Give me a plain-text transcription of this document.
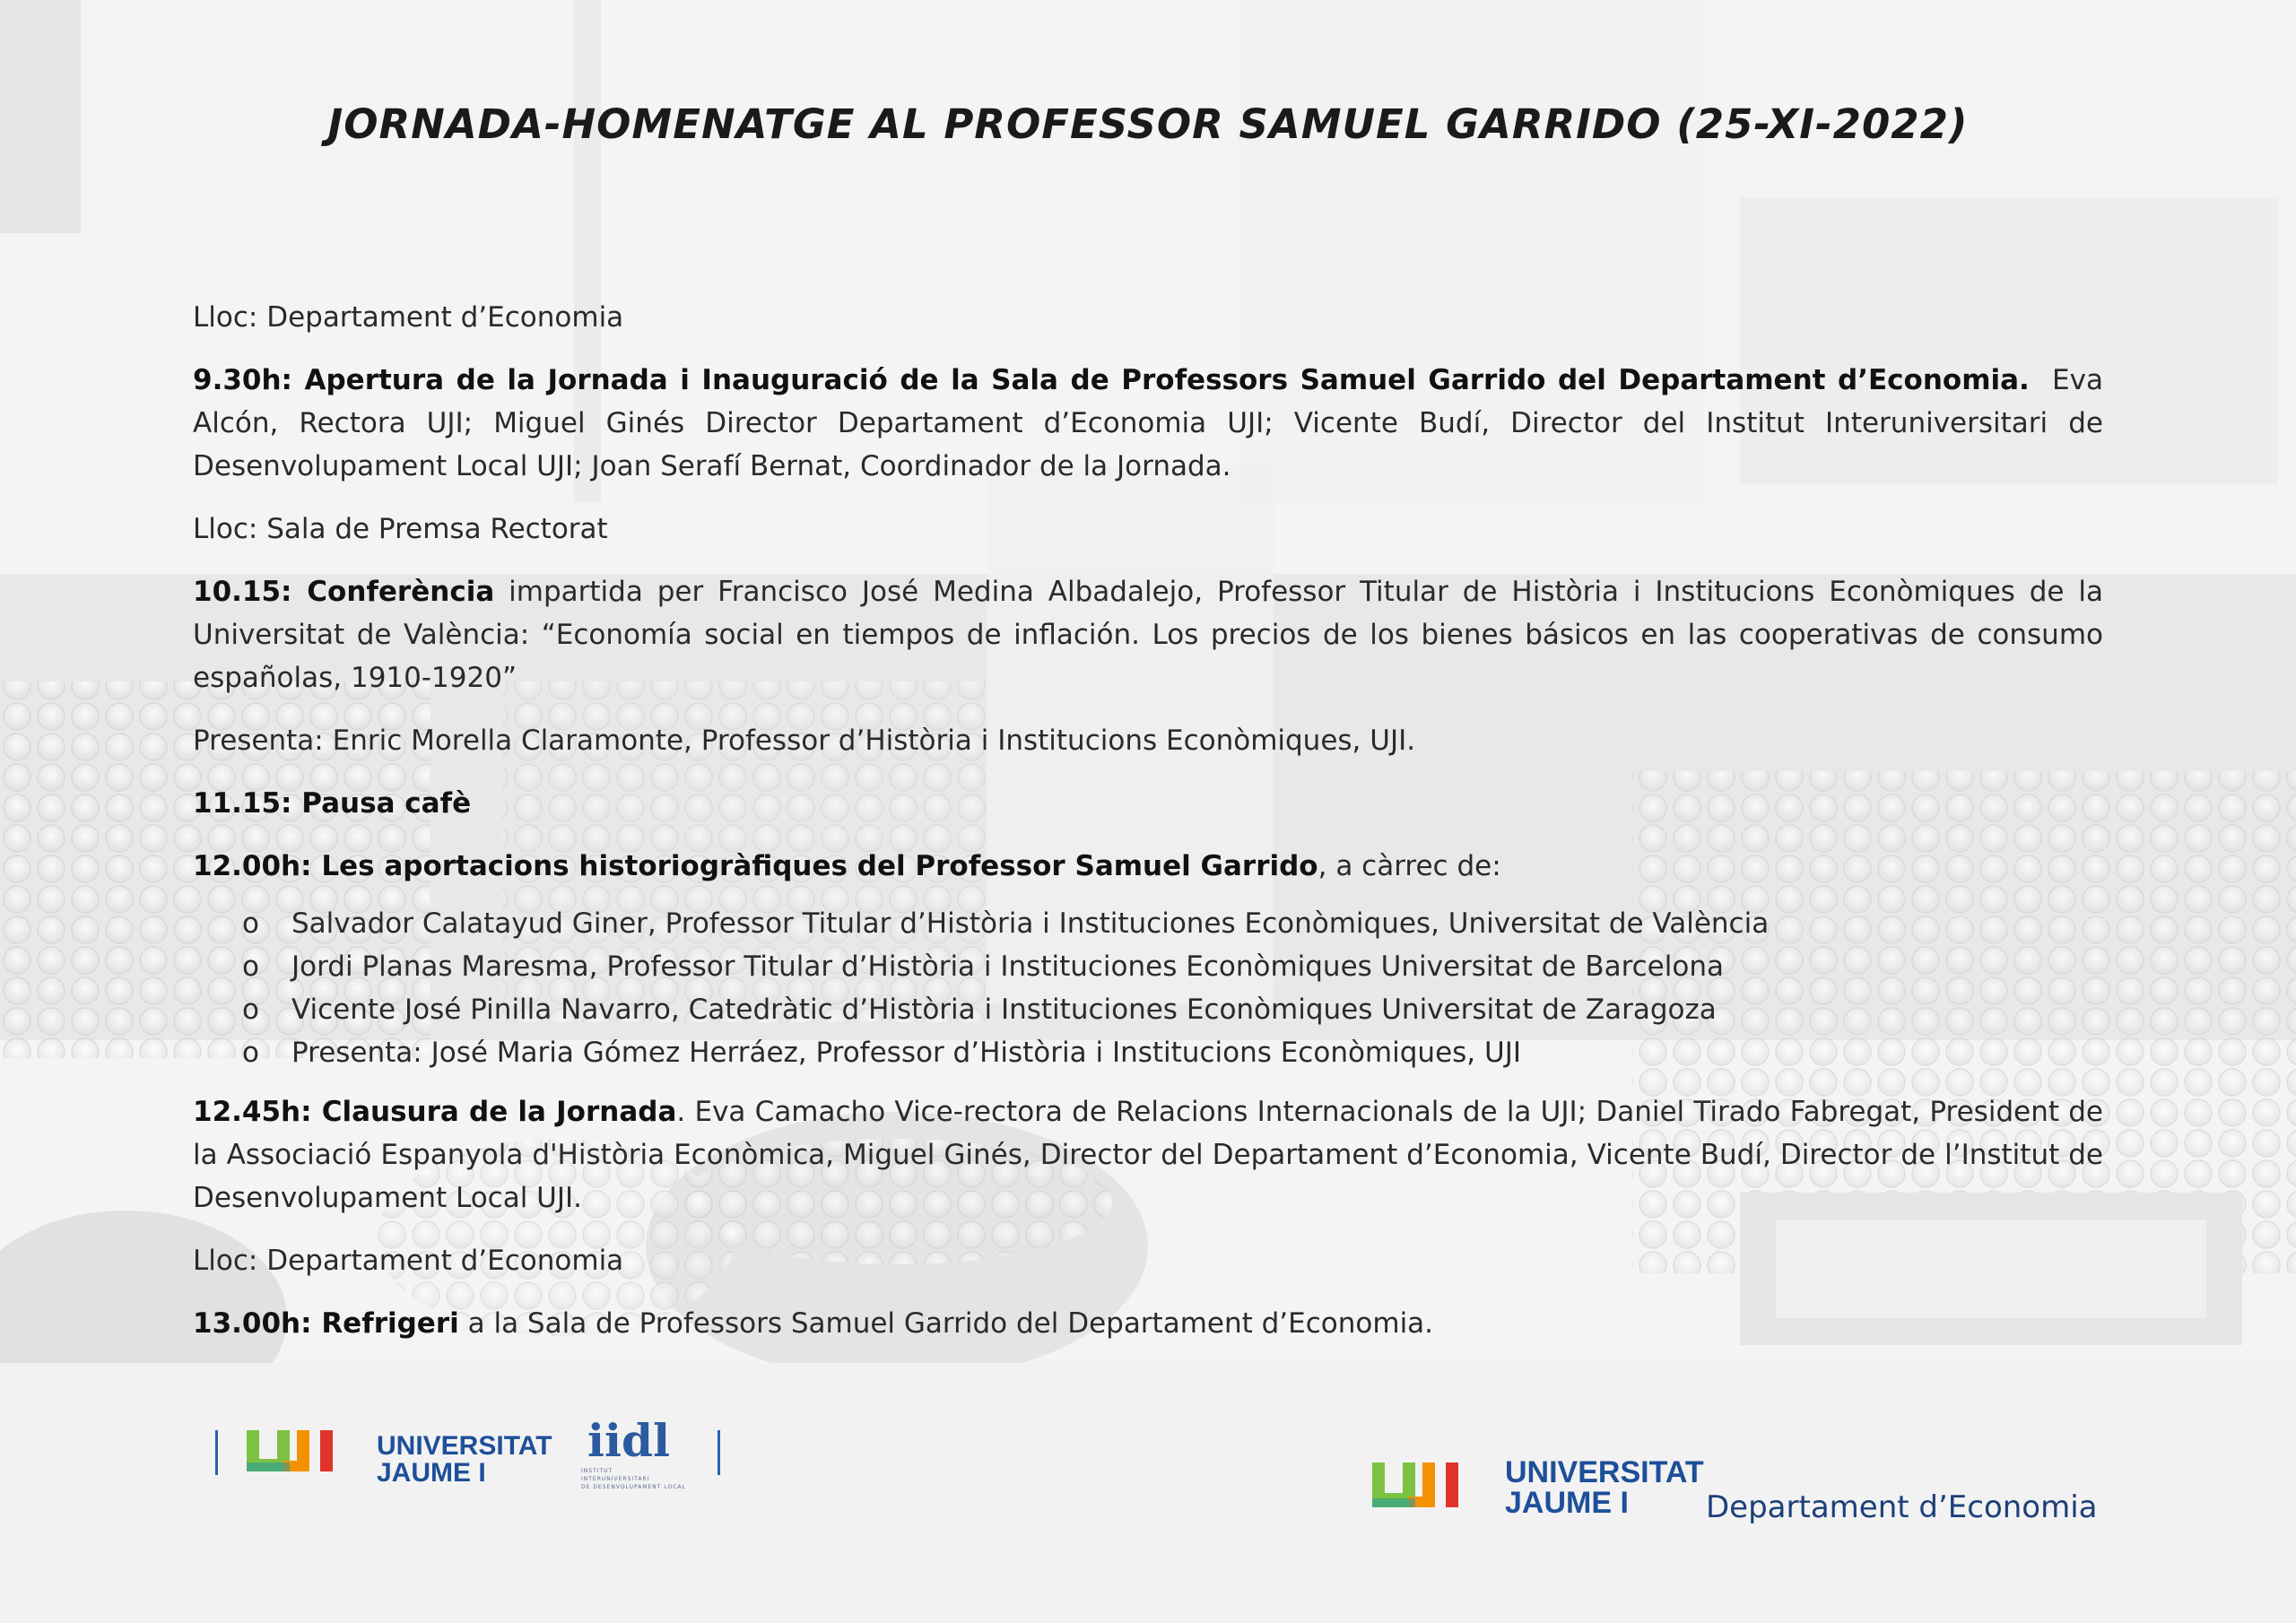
JORNADA-HOMENATGE AL PROFESSOR SAMUEL GARRIDO (25-XI-2022)

Lloc: Departament d’Economia

9.30h: Apertura de la Jornada i Inauguració de la Sala de Professors Samuel Garrido del Departament d’Economia. Eva Alcón, Rectora UJI; Miguel Ginés Director Departament d’Economia UJI; Vicente Budí, Director del Institut Interuniversitari de Desenvolupament Local UJI; Joan Serafí Bernat, Coordinador de la Jornada.

Lloc: Sala de Premsa Rectorat

10.15: Conferència impartida per Francisco José Medina Albadalejo, Professor Titular de Història i Institucions Econòmiques de la Universitat de València: “Economía social en tiempos de inflación. Los precios de los bienes básicos en las cooperativas de consumo españolas, 1910-1920”

Presenta: Enric Morella Claramonte, Professor d’Història i Institucions Econòmiques, UJI.

11.15: Pausa cafè

12.00h: Les aportacions historiogràfiques del Professor Samuel Garrido, a càrrec de:

o Salvador Calatayud Giner, Professor Titular d’Història i Instituciones Econòmiques, Universitat de València
o Jordi Planas Maresma, Professor Titular d’Història i Instituciones Econòmiques Universitat de Barcelona
o Vicente José Pinilla Navarro, Catedràtic d’Història i Instituciones Econòmiques Universitat de Zaragoza
o Presenta: José Maria Gómez Herráez, Professor d’Història i Institucions Econòmiques, UJI

12.45h: Clausura de la Jornada. Eva Camacho Vice-rectora de Relacions Internacionals de la UJI; Daniel Tirado Fabregat, President de la Associació Espanyola d'Història Econòmica, Miguel Ginés, Director del Departament d’Economia, Vicente Budí, Director de l’Institut de Desenvolupament Local UJI.

Lloc: Departament d’Economia

13.00h: Refrigeri a la Sala de Professors Samuel Garrido del Departament d’Economia.

UNIVERSITAT
JAUME I
iidl
INSTITUT
INTERUNIVERSITARI
DE DESENVOLUPAMENT LOCAL	UNIVERSITAT
JAUME I	Departament d’Economia
